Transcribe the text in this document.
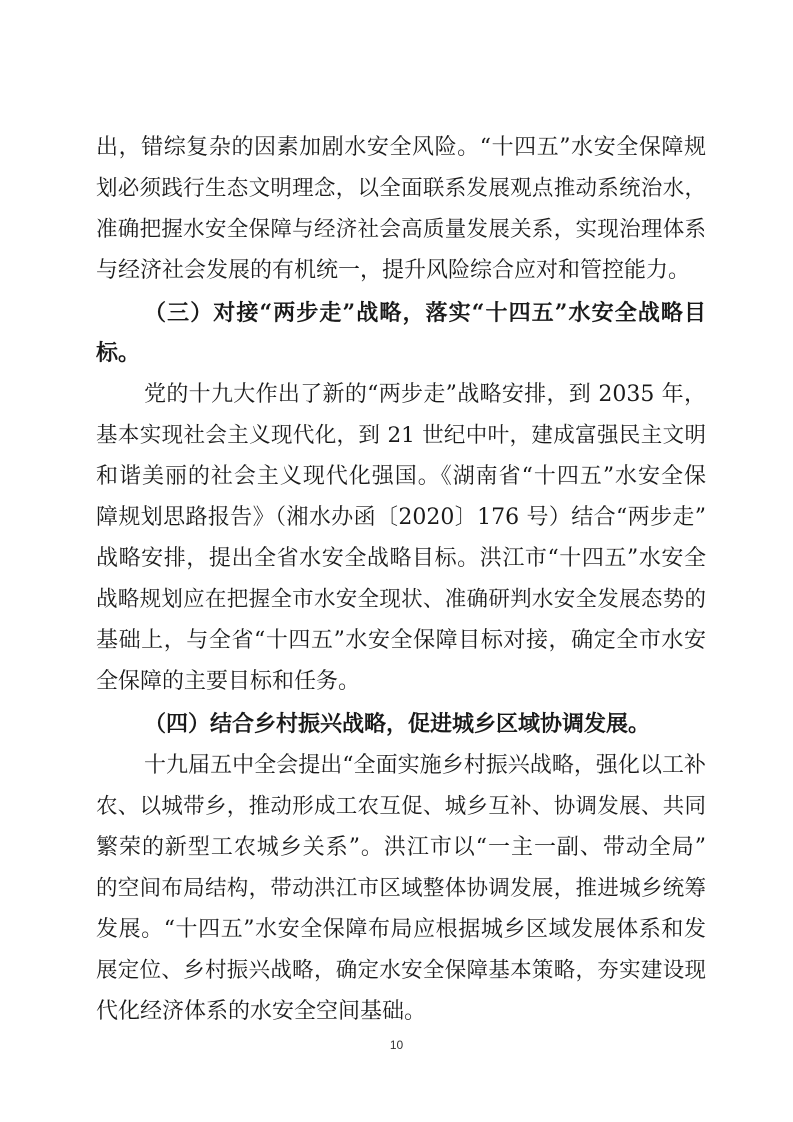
出，错综复杂的因素加剧水安全风险。“十四五”水安全保障规
划必须践行生态文明理念，以全面联系发展观点推动系统治水，
准确把握水安全保障与经济社会高质量发展关系，实现治理体系
与经济社会发展的有机统一，提升风险综合应对和管控能力。
（三）对接“两步走”战略，落实“十四五”水安全战略目
标。
党的十九大作出了新的“两步走”战略安排，到 2035 年，
基本实现社会主义现代化，到 21 世纪中叶，建成富强民主文明
和谐美丽的社会主义现代化强国。《湖南省“十四五”水安全保
障规划思路报告》（湘水办函〔2020〕176 号）结合“两步走”
战略安排，提出全省水安全战略目标。洪江市“十四五”水安全
战略规划应在把握全市水安全现状、准确研判水安全发展态势的
基础上，与全省“十四五”水安全保障目标对接，确定全市水安
全保障的主要目标和任务。
（四）结合乡村振兴战略，促进城乡区域协调发展。
十九届五中全会提出“全面实施乡村振兴战略，强化以工补
农、以城带乡，推动形成工农互促、城乡互补、协调发展、共同
繁荣的新型工农城乡关系”。洪江市以“一主一副、带动全局”
的空间布局结构，带动洪江市区域整体协调发展，推进城乡统筹
发展。“十四五”水安全保障布局应根据城乡区域发展体系和发
展定位、乡村振兴战略，确定水安全保障基本策略，夯实建设现
代化经济体系的水安全空间基础。
10
